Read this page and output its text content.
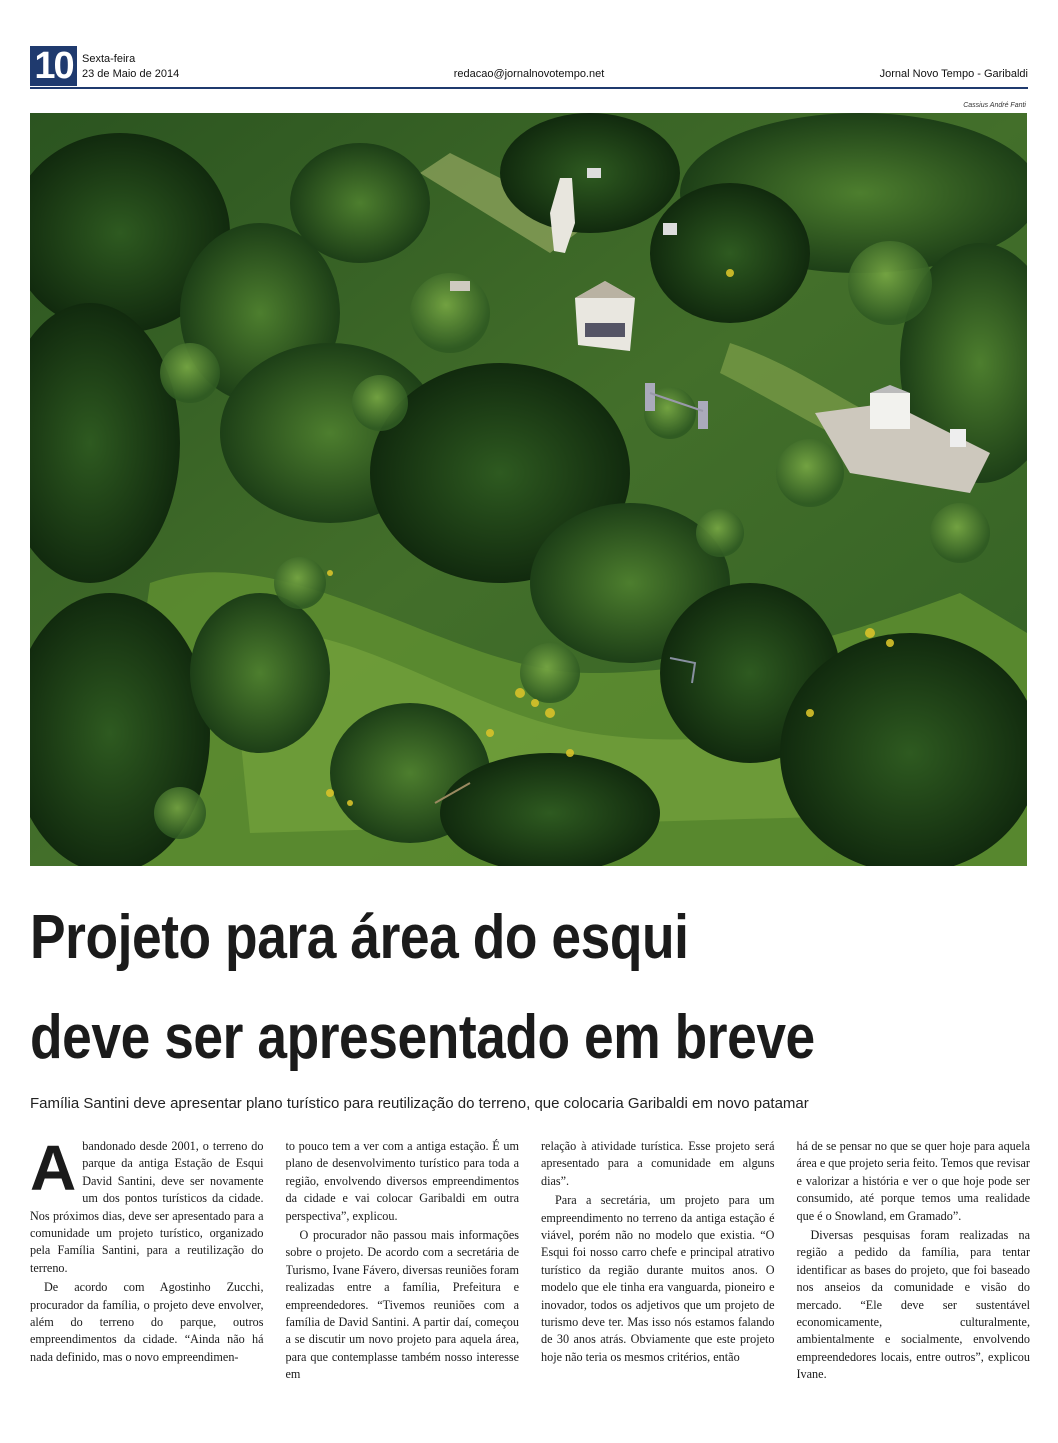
10 Sexta-feira
23 de Maio de 2014	redacao@jornalnovotempo.net	Jornal Novo Tempo - Garibaldi
Cassius André Fanti
Projeto para área do esqui
deve ser apresentado em breve
Família Santini deve apresentar plano turístico para reutilização do terreno, que colocaria Garibaldi em novo patamar

Abandonado desde 2001, o terreno do parque da antiga Estação de Esqui David Santini, deve ser novamente um dos pontos turísticos da cidade. Nos próximos dias, deve ser apresentado para a comunidade um projeto turístico, organizado pela Família Santini, para a reutilização do terreno.

De acordo com Agostinho Zucchi, procurador da família, o projeto deve envolver, além do terreno do parque, outros empreendimentos da cidade. “Ainda não há nada definido, mas o novo empreendimen-

to pouco tem a ver com a antiga estação. É um plano de desenvolvimento turístico para toda a região, envolvendo diversos empreendimentos da cidade e vai colocar Garibaldi em outra perspectiva”, explicou.

O procurador não passou mais informações sobre o projeto. De acordo com a secretária de Turismo, Ivane Fávero, diversas reuniões foram realizadas entre a família, Prefeitura e empreendedores. “Tivemos reuniões com a família de David Santini. A partir daí, começou a se discutir um novo projeto para aquela área, para que contemplasse também nosso interesse em

relação à atividade turística. Esse projeto será apresentado para a comunidade em alguns dias”.

Para a secretária, um projeto para um empreendimento no terreno da antiga estação é viável, porém não no modelo que existia. “O Esqui foi nosso carro chefe e principal atrativo turístico da região durante muitos anos. O modelo que ele tinha era vanguarda, pioneiro e inovador, todos os adjetivos que um projeto de turismo deve ter. Mas isso nós estamos falando de 30 anos atrás. Obviamente que este projeto hoje não teria os mesmos critérios, então

há de se pensar no que se quer hoje para aquela área e que projeto seria feito. Temos que revisar e valorizar a história e ver o que hoje pode ser consumido, até porque temos uma realidade que é o Snowland, em Gramado”.

Diversas pesquisas foram realizadas na região a pedido da família, para tentar identificar as bases do projeto, que foi baseado nos anseios da comunidade e visão do mercado. “Ele deve ser sustentável economicamente, culturalmente, ambientalmente e socialmente, envolvendo empreendedores locais, entre outros”, explicou Ivane.
